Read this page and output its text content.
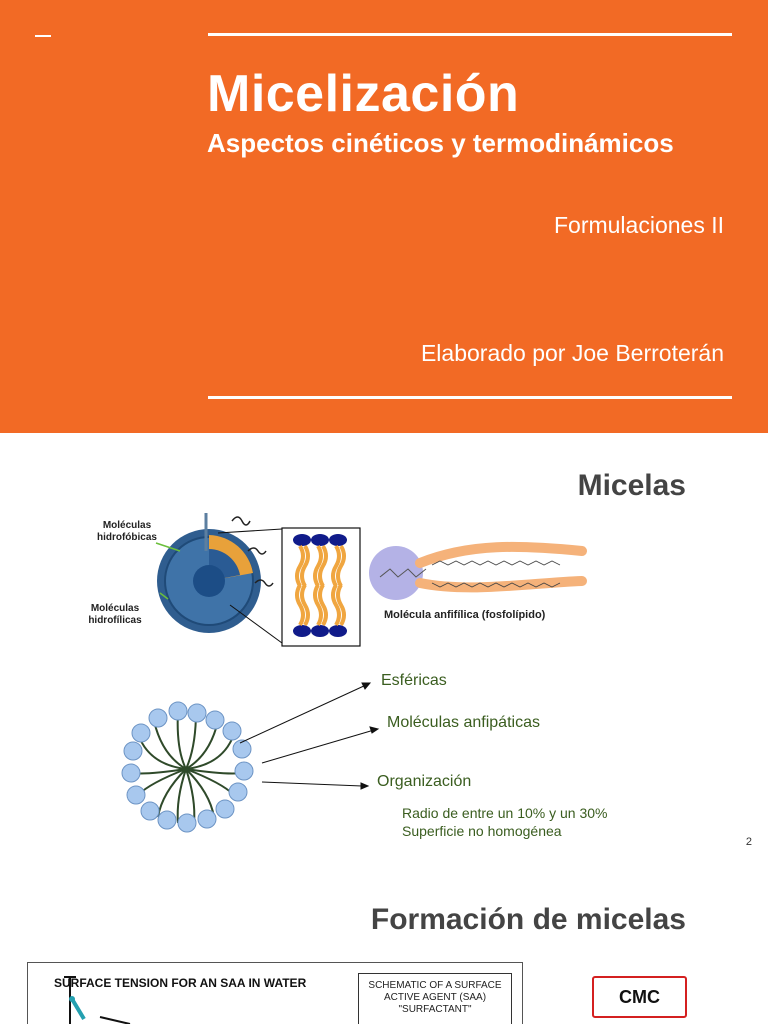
Micelización
Aspectos cinéticos y termodinámicos
Formulaciones II
Elaborado por Joe Berroterán
Micelas
Moléculas hidrofóbicas
Moléculas hidrofílicas	Molécula anfifílica (fosfolípido)
Esféricas
Moléculas anfipáticas
Organización
Radio de entre un 10% y un 30%
Superficie no homogénea
2
Formación de micelas
SURFACE TENSION FOR AN SAA IN WATER	SCHEMATIC OF A SURFACE ACTIVE AGENT (SAA) "SURFACTANT"
CMC
